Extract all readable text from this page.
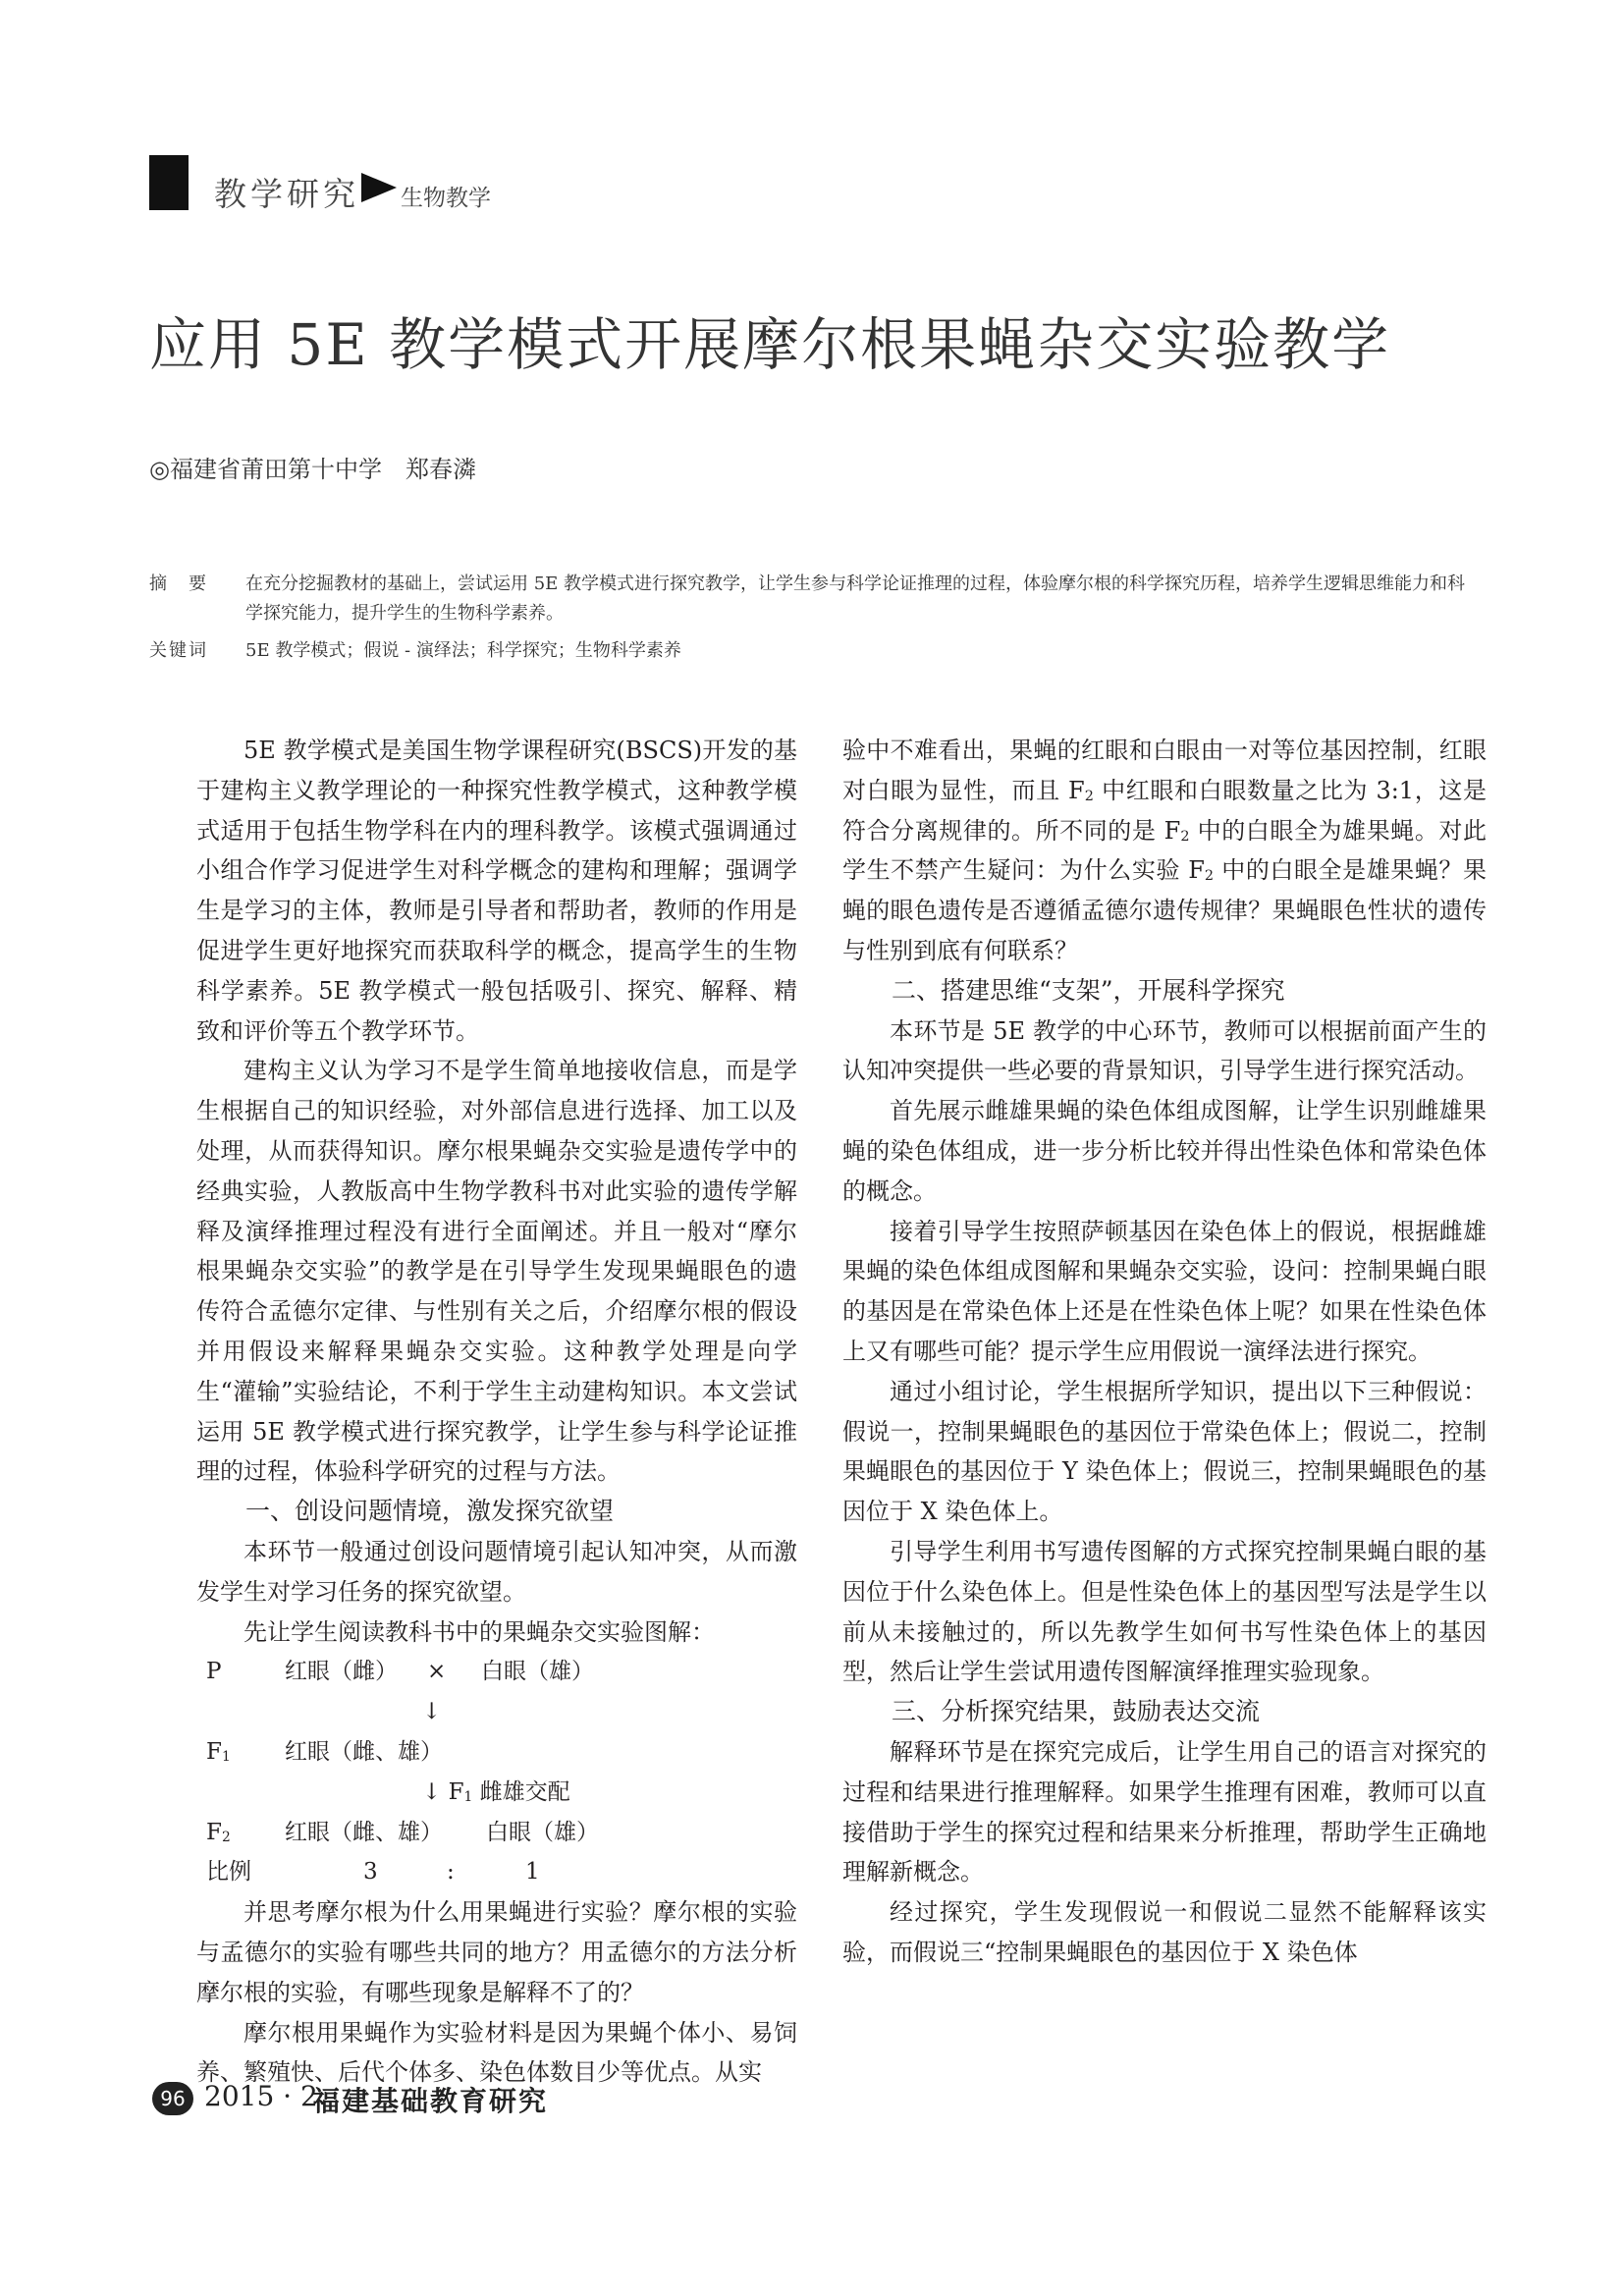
教学研究 生物教学
应用 5E 教学模式开展摩尔根果蝇杂交实验教学
◎福建省莆田第十中学　郑春潾
摘　要	在充分挖掘教材的基础上，尝试运用 5E 教学模式进行探究教学，让学生参与科学论证推理的过程，体验摩尔根的科学探究历程，培养学生逻辑思维能力和科学探究能力，提升学生的生物科学素养。
关键词	5E 教学模式；假说 - 演绎法；科学探究；生物科学素养

5E 教学模式是美国生物学课程研究(BSCS)开发的基于建构主义教学理论的一种探究性教学模式，这种教学模式适用于包括生物学科在内的理科教学。该模式强调通过小组合作学习促进学生对科学概念的建构和理解；强调学生是学习的主体，教师是引导者和帮助者，教师的作用是促进学生更好地探究而获取科学的概念，提高学生的生物科学素养。5E 教学模式一般包括吸引、探究、解释、精致和评价等五个教学环节。

建构主义认为学习不是学生简单地接收信息，而是学生根据自己的知识经验，对外部信息进行选择、加工以及处理，从而获得知识。摩尔根果蝇杂交实验是遗传学中的经典实验，人教版高中生物学教科书对此实验的遗传学解释及演绎推理过程没有进行全面阐述。并且一般对“摩尔根果蝇杂交实验”的教学是在引导学生发现果蝇眼色的遗传符合孟德尔定律、与性别有关之后，介绍摩尔根的假设并用假设来解释果蝇杂交实验。这种教学处理是向学生“灌输”实验结论，不利于学生主动建构知识。本文尝试运用 5E 教学模式进行探究教学，让学生参与科学论证推理的过程，体验科学研究的过程与方法。

一、创设问题情境，激发探究欲望

本环节一般通过创设问题情境引起认知冲突，从而激发学生对学习任务的探究欲望。

先让学生阅读教科书中的果蝇杂交实验图解：

P	红眼（雌） × 白眼（雄）
↓
$F_1$ 红眼（雌、雄）
↓ $F_1$ 雌雄交配
$F_2$ 红眼（雌、雄） 白眼（雄）
比例	3	:	1

并思考摩尔根为什么用果蝇进行实验？摩尔根的实验与孟德尔的实验有哪些共同的地方？用孟德尔的方法分析摩尔根的实验，有哪些现象是解释不了的？

摩尔根用果蝇作为实验材料是因为果蝇个体小、易饲养、繁殖快、后代个体多、染色体数目少等优点。从实

验中不难看出，果蝇的红眼和白眼由一对等位基因控制，红眼对白眼为显性，而且 $F_2$ 中红眼和白眼数量之比为 3:1，这是符合分离规律的。所不同的是 $F_2$ 中的白眼全为雄果蝇。对此学生不禁产生疑问：为什么实验 $F_2$ 中的白眼全是雄果蝇？果蝇的眼色遗传是否遵循孟德尔遗传规律？果蝇眼色性状的遗传与性别到底有何联系？

二、搭建思维“支架”，开展科学探究

本环节是 5E 教学的中心环节，教师可以根据前面产生的认知冲突提供一些必要的背景知识，引导学生进行探究活动。

首先展示雌雄果蝇的染色体组成图解，让学生识别雌雄果蝇的染色体组成，进一步分析比较并得出性染色体和常染色体的概念。

接着引导学生按照萨顿基因在染色体上的假说，根据雌雄果蝇的染色体组成图解和果蝇杂交实验，设问：控制果蝇白眼的基因是在常染色体上还是在性染色体上呢？如果在性染色体上又有哪些可能？提示学生应用假说一演绎法进行探究。

通过小组讨论，学生根据所学知识，提出以下三种假说：假说一，控制果蝇眼色的基因位于常染色体上；假说二，控制果蝇眼色的基因位于 Y 染色体上；假说三，控制果蝇眼色的基因位于 X 染色体上。

引导学生利用书写遗传图解的方式探究控制果蝇白眼的基因位于什么染色体上。但是性染色体上的基因型写法是学生以前从未接触过的，所以先教学生如何书写性染色体上的基因型，然后让学生尝试用遗传图解演绎推理实验现象。

三、分析探究结果，鼓励表达交流

解释环节是在探究完成后，让学生用自己的语言对探究的过程和结果进行推理解释。如果学生推理有困难，教师可以直接借助于学生的探究过程和结果来分析推理，帮助学生正确地理解新概念。

经过探究，学生发现假说一和假说二显然不能解释该实验，而假说三“控制果蝇眼色的基因位于 X 染色体

96 2015 · 2
福建基础教育研究
